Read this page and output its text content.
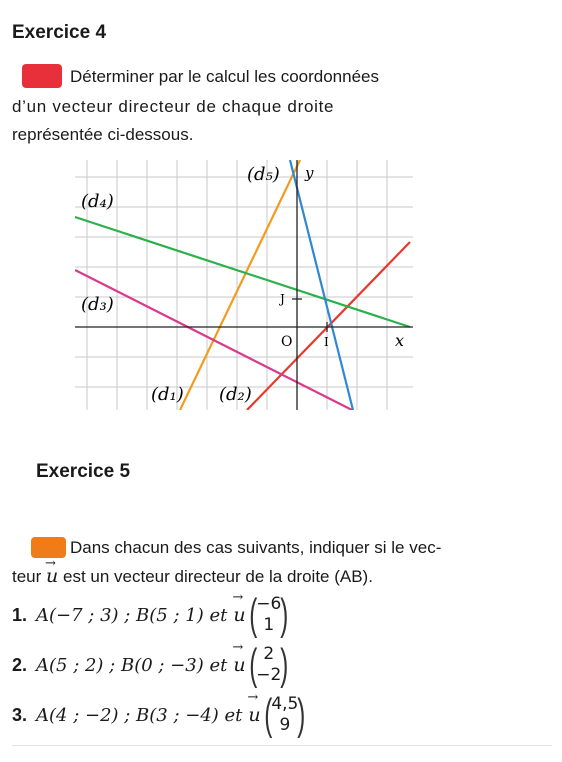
Exercice 4
Déterminer par le calcul les coordonnées
d’un vecteur directeur de chaque droite
représentée ci-dessous.
y
x
O	I
J
(d₅)
(d₄)
(d₃)
(d₁) (d₂)
Exercice 5
Dans chacun des cas suivants, indiquer si le vec-
teur → u est un vecteur directeur de la droite (AB).
1. A(−7 ; 3) ; B(5 ; 1) et → u ( −6
1 )
2. A(5 ; 2) ; B(0 ; −3) et → u ( 2
−2 )
3. A(4 ; −2) ; B(3 ; −4) et → u ( 4,5
9 )
